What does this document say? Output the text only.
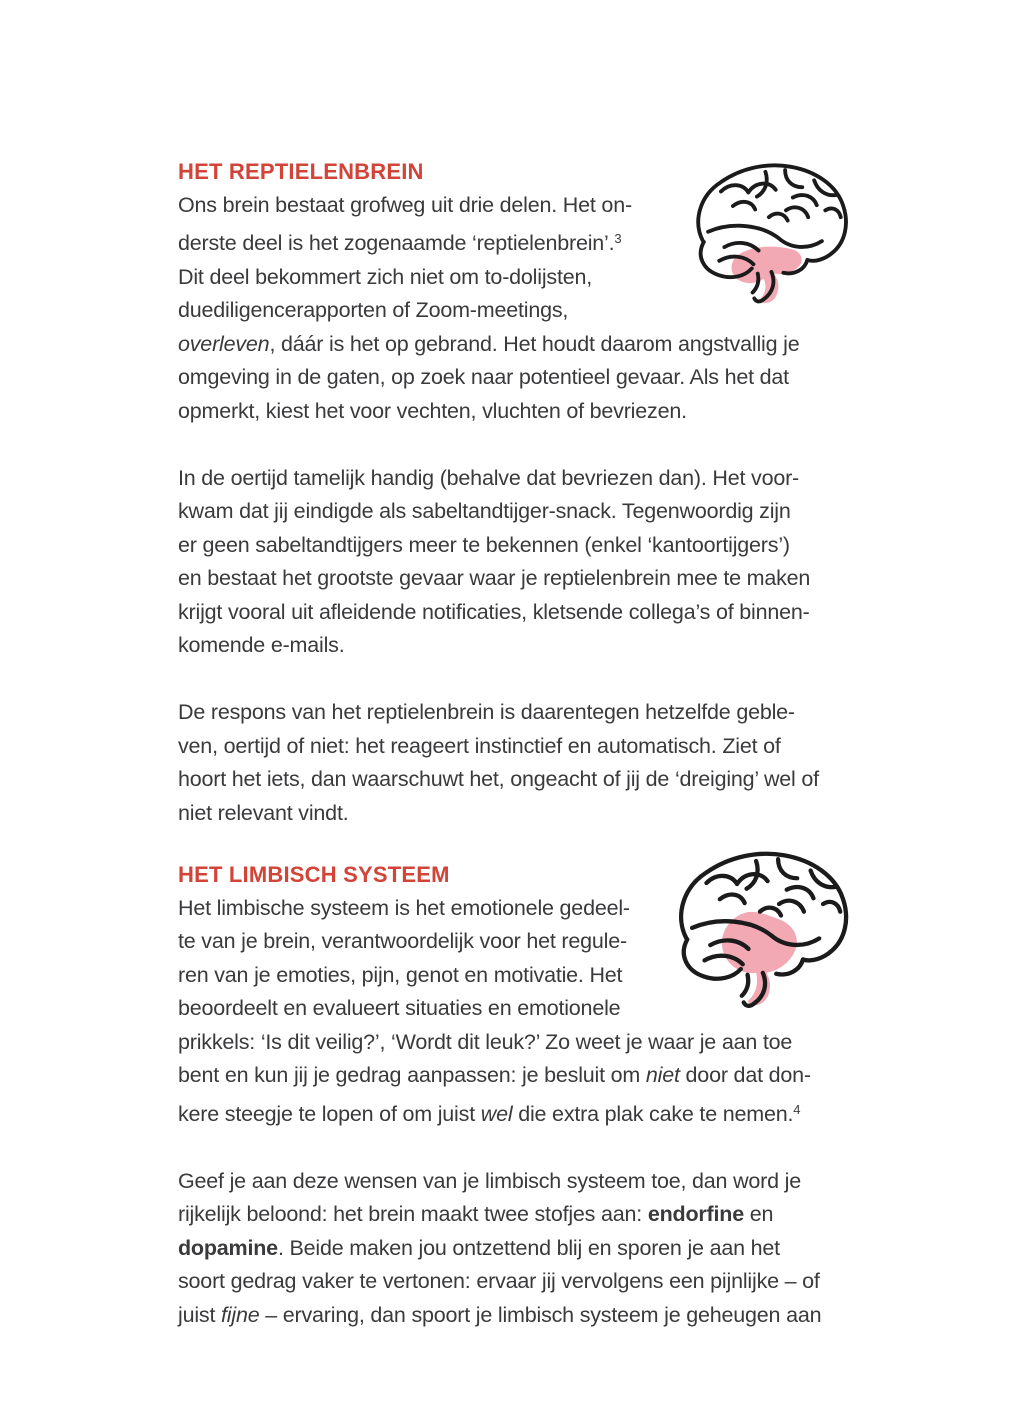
HET REPTIELENBREIN

Ons brein bestaat grofweg uit drie delen. Het on-
derste deel is het zogenaamde ‘reptielenbrein’.$^3$
Dit deel bekommert zich niet om to-dolijsten,
duediligencerapporten of Zoom-meetings,
overleven, dáár is het op gebrand. Het houdt daarom angstvallig je
omgeving in de gaten, op zoek naar potentieel gevaar. Als het dat
opmerkt, kiest het voor vechten, vluchten of bevriezen.

In de oertijd tamelijk handig (behalve dat bevriezen dan). Het voor-
kwam dat jij eindigde als sabeltandtijger-snack. Tegenwoordig zijn
er geen sabeltandtijgers meer te bekennen (enkel ‘kantoortijgers’)
en bestaat het grootste gevaar waar je reptielenbrein mee te maken
krijgt vooral uit afleidende notificaties, kletsende collega’s of binnen-
komende e-mails.

De respons van het reptielenbrein is daarentegen hetzelfde geble-
ven, oertijd of niet: het reageert instinctief en automatisch. Ziet of
hoort het iets, dan waarschuwt het, ongeacht of jij de ‘dreiging’ wel of
niet relevant vindt.

HET LIMBISCH SYSTEEM

Het limbische systeem is het emotionele gedeel-
te van je brein, verantwoordelijk voor het regule-
ren van je emoties, pijn, genot en motivatie. Het
beoordeelt en evalueert situaties en emotionele
prikkels: ‘Is dit veilig?’, ‘Wordt dit leuk?’ Zo weet je waar je aan toe
bent en kun jij je gedrag aanpassen: je besluit om niet door dat don-
kere steegje te lopen of om juist wel die extra plak cake te nemen.$^4$

Geef je aan deze wensen van je limbisch systeem toe, dan word je
rijkelijk beloond: het brein maakt twee stofjes aan: endorfine en
dopamine. Beide maken jou ontzettend blij en sporen je aan het
soort gedrag vaker te vertonen: ervaar jij vervolgens een pijnlijke – of
juist fijne – ervaring, dan spoort je limbisch systeem je geheugen aan
